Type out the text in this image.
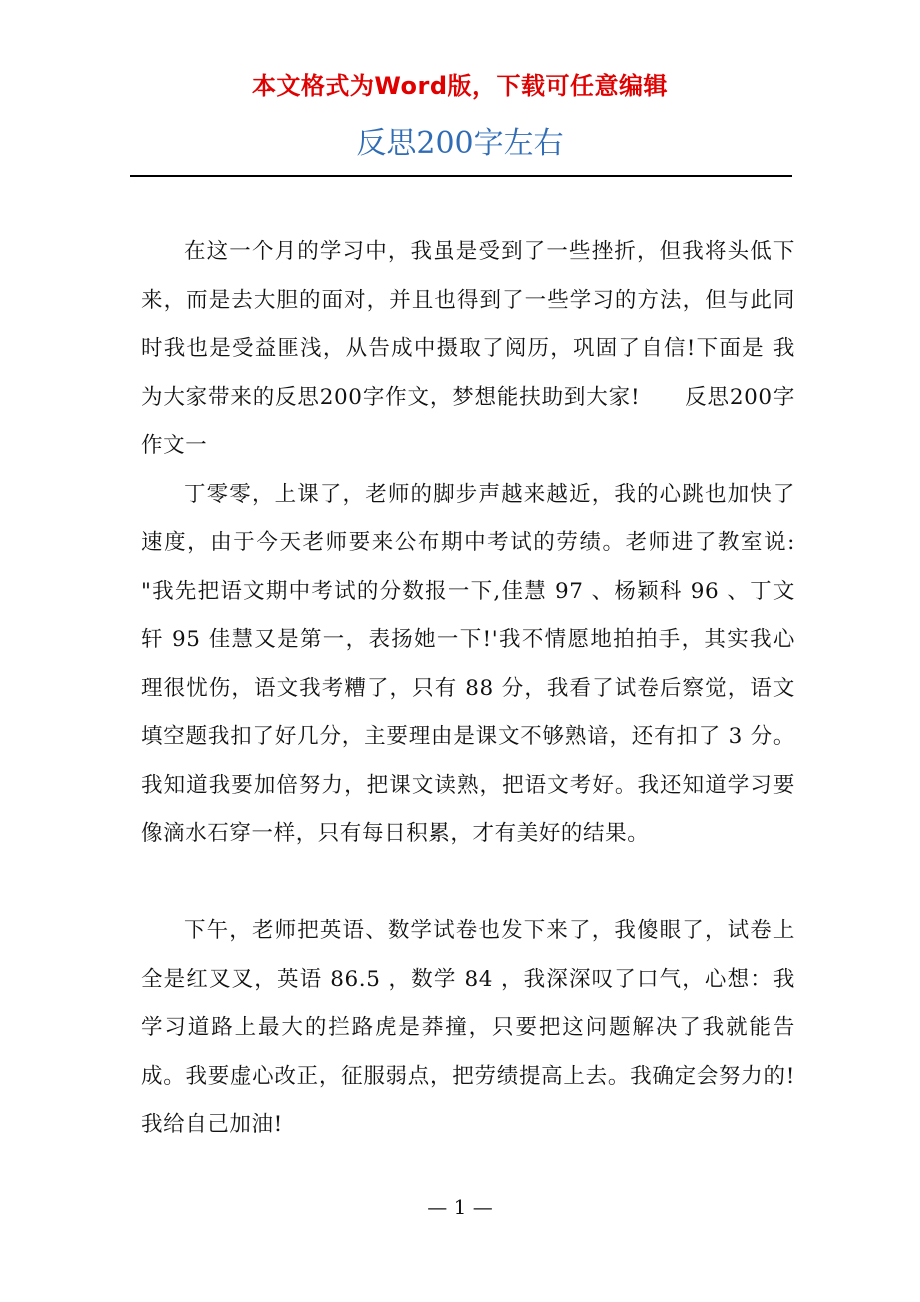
本文格式为Word版，下载可任意编辑
反思200字左右

在这一个月的学习中，我虽是受到了一些挫折，但我将头低下来，而是去大胆的面对，并且也得到了一些学习的方法，但与此同时我也是受益匪浅，从告成中摄取了阅历，巩固了自信!下面是 我为大家带来的反思200字作文，梦想能扶助到大家!　　反思200字作文一

丁零零，上课了，老师的脚步声越来越近，我的心跳也加快了速度，由于今天老师要来公布期中考试的劳绩。老师进了教室说: "我先把语文期中考试的分数报一下,佳慧 97 、杨颖科 96 、丁文轩 95 佳慧又是第一，表扬她一下!'我不情愿地拍拍手，其实我心理很忧伤，语文我考糟了，只有 88 分，我看了试卷后察觉，语文填空题我扣了好几分，主要理由是课文不够熟谙，还有扣了 3 分。我知道我要加倍努力，把课文读熟，把语文考好。我还知道学习要像滴水石穿一样，只有每日积累，才有美好的结果。

下午，老师把英语、数学试卷也发下来了，我傻眼了，试卷上全是红叉叉，英语 86.5 ，数学 84 ，我深深叹了口气，心想：我学习道路上最大的拦路虎是莽撞，只要把这问题解决了我就能告成。我要虚心改正，征服弱点，把劳绩提高上去。我确定会努力的!我给自己加油!

— 1 —
